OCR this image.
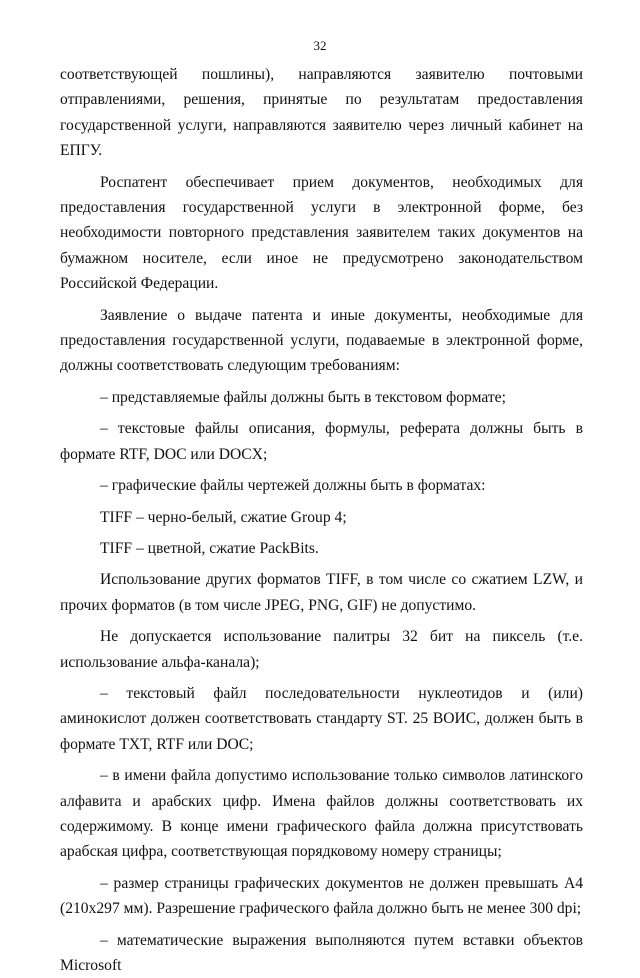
32

соответствующей пошлины), направляются заявителю почтовыми отправлениями, решения, принятые по результатам предоставления государственной услуги, направляются заявителю через личный кабинет на ЕПГУ.

Роспатент обеспечивает прием документов, необходимых для предоставления государственной услуги в электронной форме, без необходимости повторного представления заявителем таких документов на бумажном носителе, если иное не предусмотрено законодательством Российской Федерации.

Заявление о выдаче патента и иные документы, необходимые для предоставления государственной услуги, подаваемые в электронной форме, должны соответствовать следующим требованиям:

– представляемые файлы должны быть в текстовом формате;

– текстовые файлы описания, формулы, реферата должны быть в формате RTF, DOC или DOCX;

– графические файлы чертежей должны быть в форматах:

TIFF – черно-белый, сжатие Group 4;

TIFF – цветной, сжатие PackBits.

Использование других форматов TIFF, в том числе со сжатием LZW, и прочих форматов (в том числе JPEG, PNG, GIF) не допустимо.

Не допускается использование палитры 32 бит на пиксель (т.е. использование альфа-канала);

– текстовый файл последовательности нуклеотидов и (или) аминокислот должен соответствовать стандарту ST. 25 ВОИС, должен быть в формате TXT, RTF или DOC;

– в имени файла допустимо использование только символов латинского алфавита и арабских цифр. Имена файлов должны соответствовать их содержимому. В конце имени графического файла должна присутствовать арабская цифра, соответствующая порядковому номеру страницы;

– размер страницы графических документов не должен превышать А4 (210х297 мм). Разрешение графического файла должно быть не менее 300 dpi;

– математические выражения выполняются путем вставки объектов Microsoft
